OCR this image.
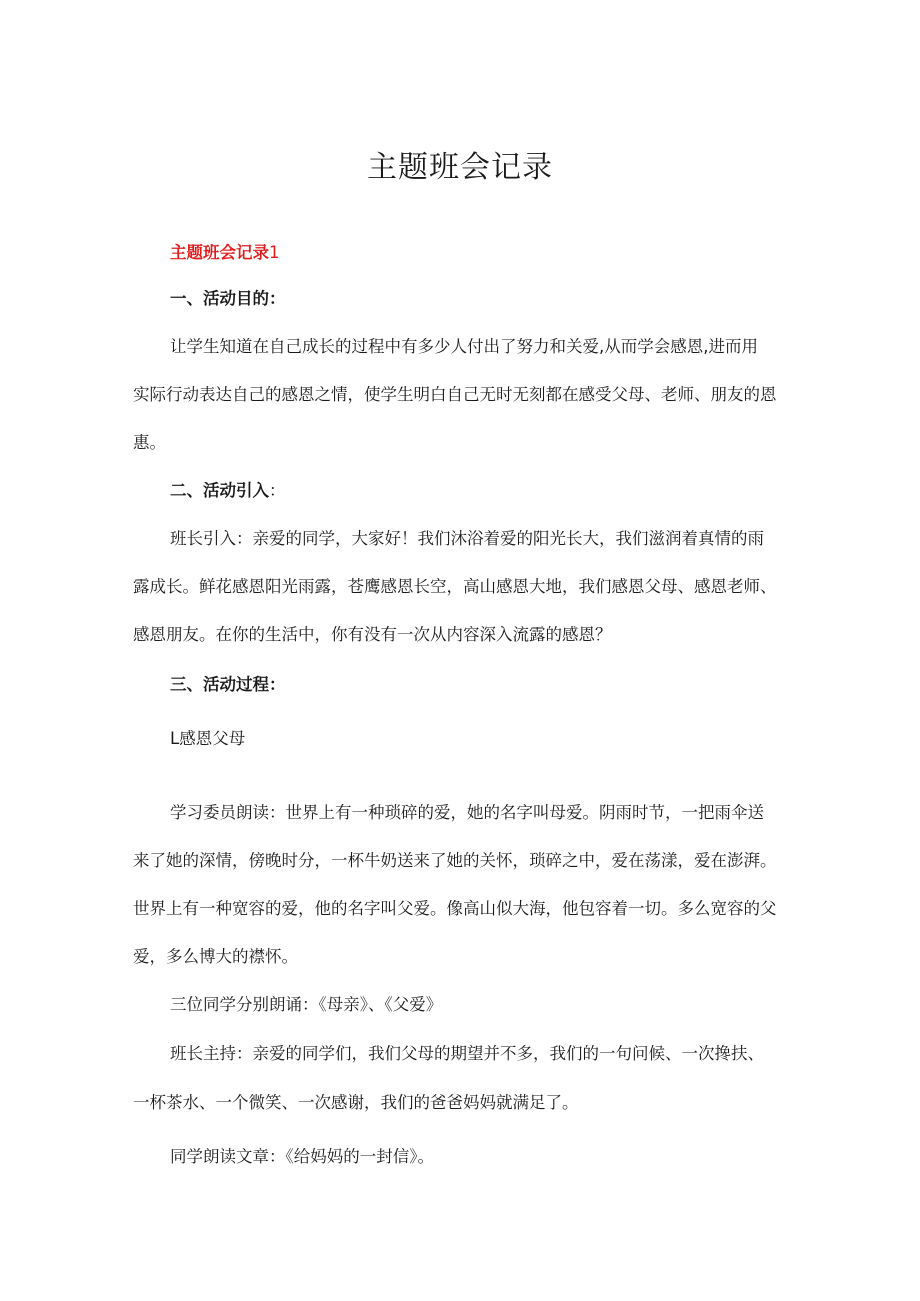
主题班会记录

主题班会记录1

一、活动目的：

让学生知道在自己成长的过程中有多少人付出了努力和关爱,从而学会感恩,进而用

实际行动表达自己的感恩之情，使学生明白自己无时无刻都在感受父母、老师、朋友的恩

惠。

二、活动引入：

班长引入：亲爱的同学，大家好！我们沐浴着爱的阳光长大，我们滋润着真情的雨

露成长。鲜花感恩阳光雨露，苍鹰感恩长空，高山感恩大地，我们感恩父母、感恩老师、

感恩朋友。在你的生活中，你有没有一次从内容深入流露的感恩？

三、活动过程：

L感恩父母

学习委员朗读：世界上有一种琐碎的爱，她的名字叫母爱。阴雨时节，一把雨伞送

来了她的深情，傍晚时分，一杯牛奶送来了她的关怀，琐碎之中，爱在荡漾，爱在澎湃。

世界上有一种宽容的爱，他的名字叫父爱。像高山似大海，他包容着一切。多么宽容的父

爱，多么博大的襟怀。

三位同学分别朗诵：《母亲》、《父爱》

班长主持：亲爱的同学们，我们父母的期望并不多，我们的一句问候、一次搀扶、

一杯茶水、一个微笑、一次感谢，我们的爸爸妈妈就满足了。

同学朗读文章：《给妈妈的一封信》。
